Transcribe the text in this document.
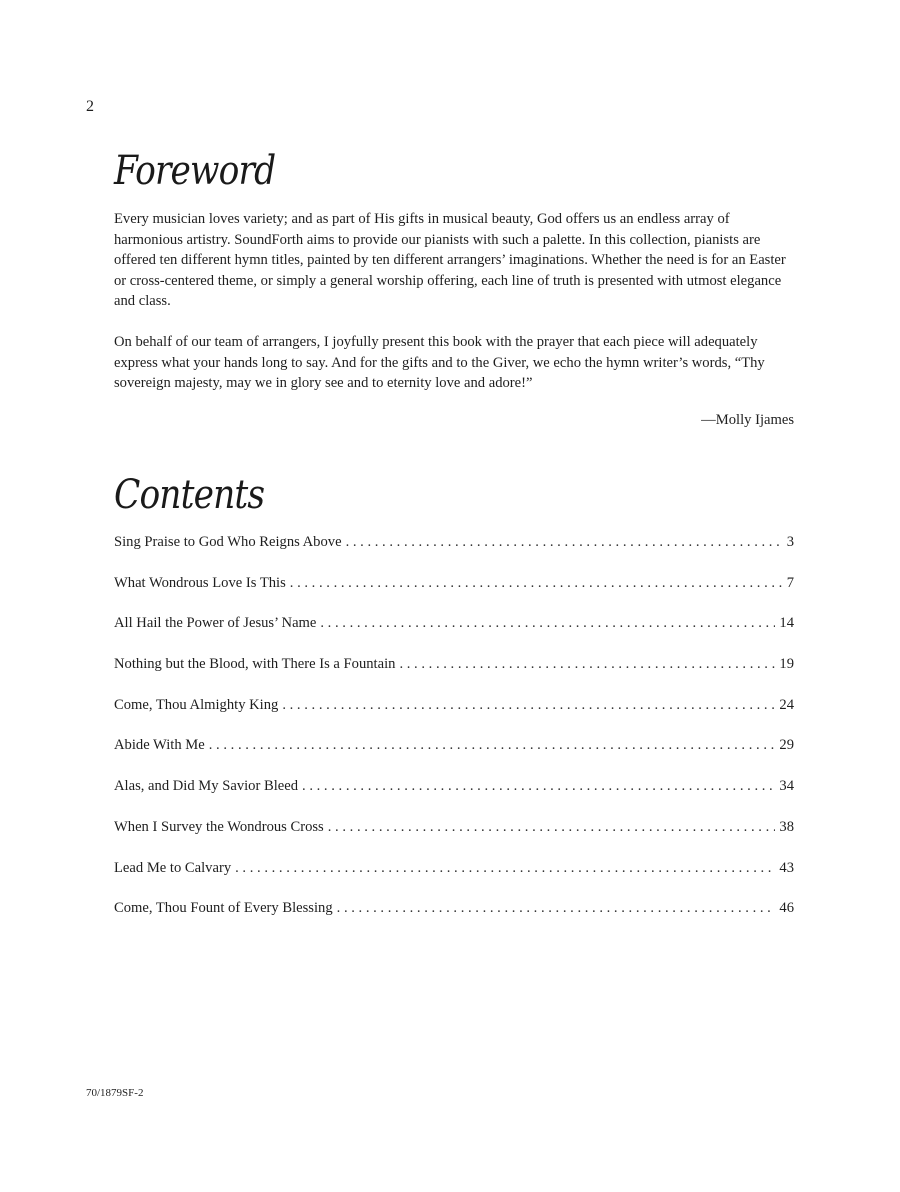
2
Foreword

Every musician loves variety; and as part of His gifts in musical beauty, God offers us an endless array of harmonious artistry. SoundForth aims to provide our pianists with such a palette. In this collection, pianists are offered ten different hymn titles, painted by ten different arrangers’ imaginations. Whether the need is for an Easter or cross-centered theme, or simply a general worship offering, each line of truth is presented with utmost elegance and class.

On behalf of our team of arrangers, I joyfully present this book with the prayer that each piece will adequately express what your hands long to say. And for the gifts and to the Giver, we echo the hymn writer’s words, “Thy sovereign majesty, may we in glory see and to eternity love and adore!”

—Molly Ijames
Contents
Sing Praise to God Who Reigns Above . . .	3
What Wondrous Love Is This . . .	7
All Hail the Power of Jesus’ Name . . .	14
Nothing but the Blood, with There Is a Fountain . . .	19
Come, Thou Almighty King . . .	24
Abide With Me . . .	29
Alas, and Did My Savior Bleed . . .	34
When I Survey the Wondrous Cross . . .	38
Lead Me to Calvary . . .	43
Come, Thou Fount of Every Blessing . . .	46
70/1879SF-2
